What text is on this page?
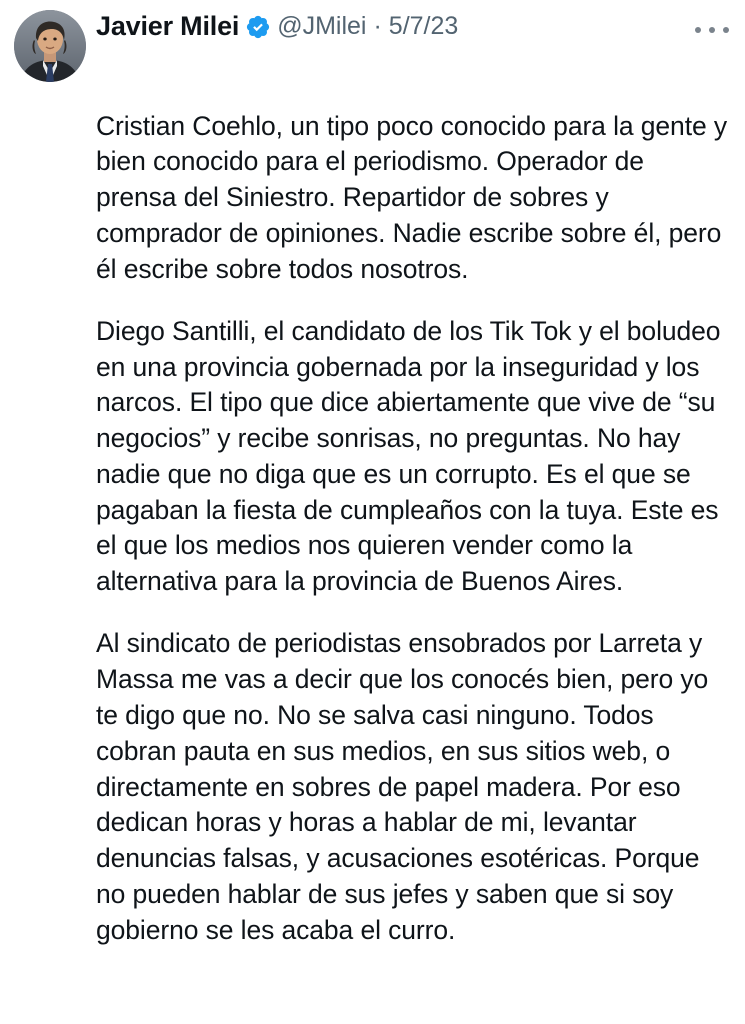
Javier Milei @JMilei · 5/7/23

Cristian Coehlo, un tipo poco conocido para la gente y bien conocido para el periodismo. Operador de prensa del Siniestro. Repartidor de sobres y comprador de opiniones. Nadie escribe sobre él, pero él escribe sobre todos nosotros.

Diego Santilli, el candidato de los Tik Tok y el boludeo en una provincia gobernada por la inseguridad y los narcos. El tipo que dice abiertamente que vive de “su negocios” y recibe sonrisas, no preguntas. No hay nadie que no diga que es un corrupto. Es el que se pagaban la fiesta de cumpleaños con la tuya. Este es el que los medios nos quieren vender como la alternativa para la provincia de Buenos Aires.

Al sindicato de periodistas ensobrados por Larreta y Massa me vas a decir que los conocés bien, pero yo te digo que no. No se salva casi ninguno. Todos cobran pauta en sus medios, en sus sitios web, o directamente en sobres de papel madera. Por eso dedican horas y horas a hablar de mi, levantar denuncias falsas, y acusaciones esotéricas. Porque no pueden hablar de sus jefes y saben que si soy gobierno se les acaba el curro.
